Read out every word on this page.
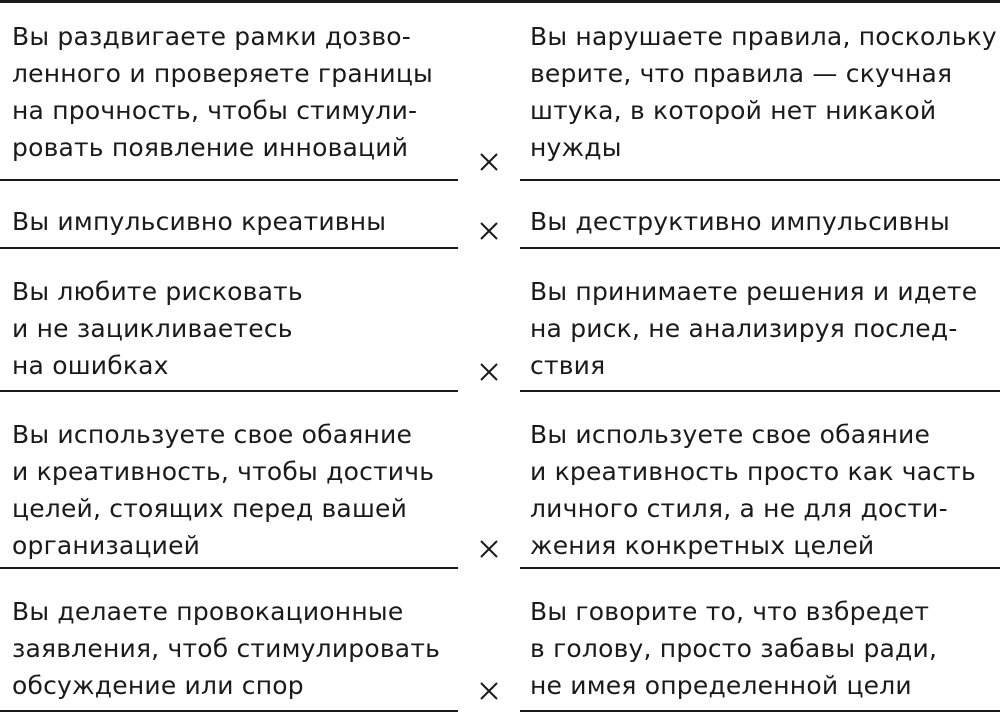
Вы раздвигаете рамки дозво-
ленного и проверяете границы
на прочность, чтобы стимули-
ровать появление инноваций
Вы нарушаете правила, поскольку
верите, что правила — скучная
штука, в которой нет никакой
нужды
Вы импульсивно креативны	Вы деструктивно импульсивны
Вы любите рисковать
и не зацикливаетесь
на ошибках
Вы принимаете решения и идете
на риск, не анализируя послед-
ствия
Вы используете свое обаяние
и креативность, чтобы достичь
целей, стоящих перед вашей
организацией
Вы используете свое обаяние
и креативность просто как часть
личного стиля, а не для дости-
жения конкретных целей
Вы делаете провокационные
заявления, чтоб стимулировать
обсуждение или спор
Вы говорите то, что взбредет
в голову, просто забавы ради,
не имея определенной цели
